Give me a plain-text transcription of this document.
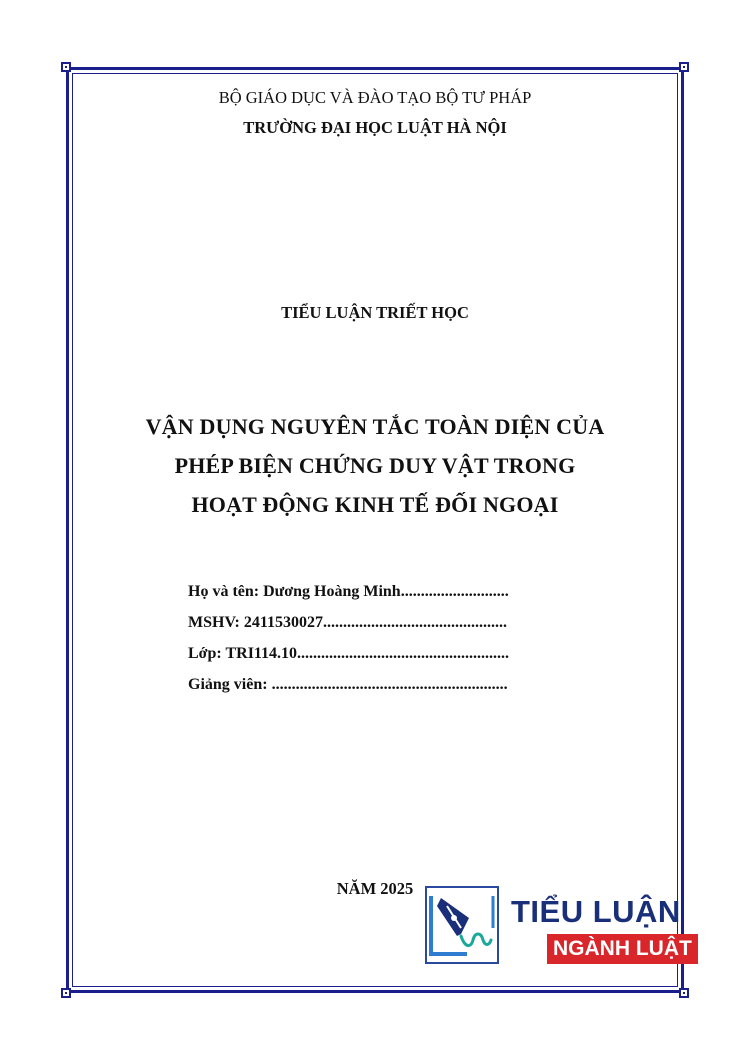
BỘ GIÁO DỤC VÀ ĐÀO TẠO BỘ TƯ PHÁP
TRƯỜNG ĐẠI HỌC LUẬT HÀ NỘI
TIỂU LUẬN TRIẾT HỌC
VẬN DỤNG NGUYÊN TẮC TOÀN DIỆN CỦA
PHÉP BIỆN CHỨNG DUY VẬT TRONG
HOẠT ĐỘNG KINH TẾ ĐỐI NGOẠI
Họ và tên: Dương Hoàng Minh...........................
MSHV: 2411530027..............................................
Lớp: TRI114.10.....................................................
Giảng viên: ...........................................................
NĂM 2025
TIỂU LUẬN
NGÀNH LUẬT
